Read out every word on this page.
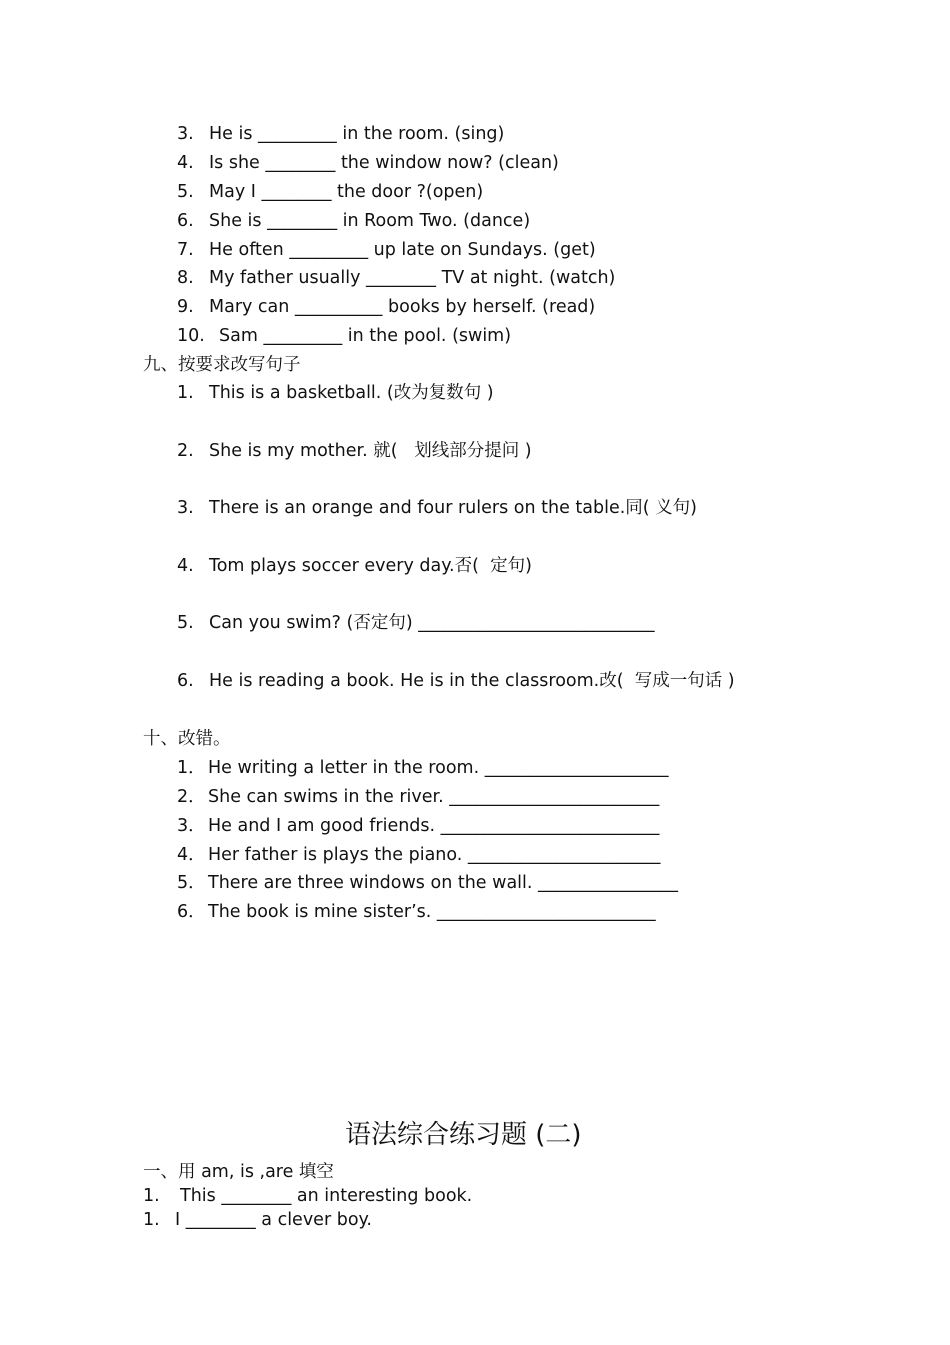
3. He is _________ in the room. (sing)
4. Is she ________ the window now? (clean)
5. May I ________ the door ?(open)
6. She is ________ in Room Two. (dance)
7. He often _________ up late on Sundays. (get)
8. My father usually ________ TV at night. (watch)
9. Mary can __________ books by herself. (read)
10. Sam _________ in the pool. (swim)
九、按要求改写句子
1. This is a basketball. (改为复数句 )
2. She is my mother. 就(   划线部分提问 )
3. There is an orange and four rulers on the table.同( 义句)
4. Tom plays soccer every day.否(  定句)
5. Can you swim? (否定句) ___________________________
6. He is reading a book. He is in the classroom.改(  写成一句话 )
十、改错。
1． He writing a letter in the room. _____________________
2． She can swims in the river. ________________________
3． He and I am good friends. _________________________
4． Her father is plays the piano. ______________________
5． There are three windows on the wall. ________________
6． The book is mine sister’s. _________________________
语法综合练习题 (二)
一、用 am, is ,are 填空
1. This ________ an interesting book.
1. I ________ a clever boy.
